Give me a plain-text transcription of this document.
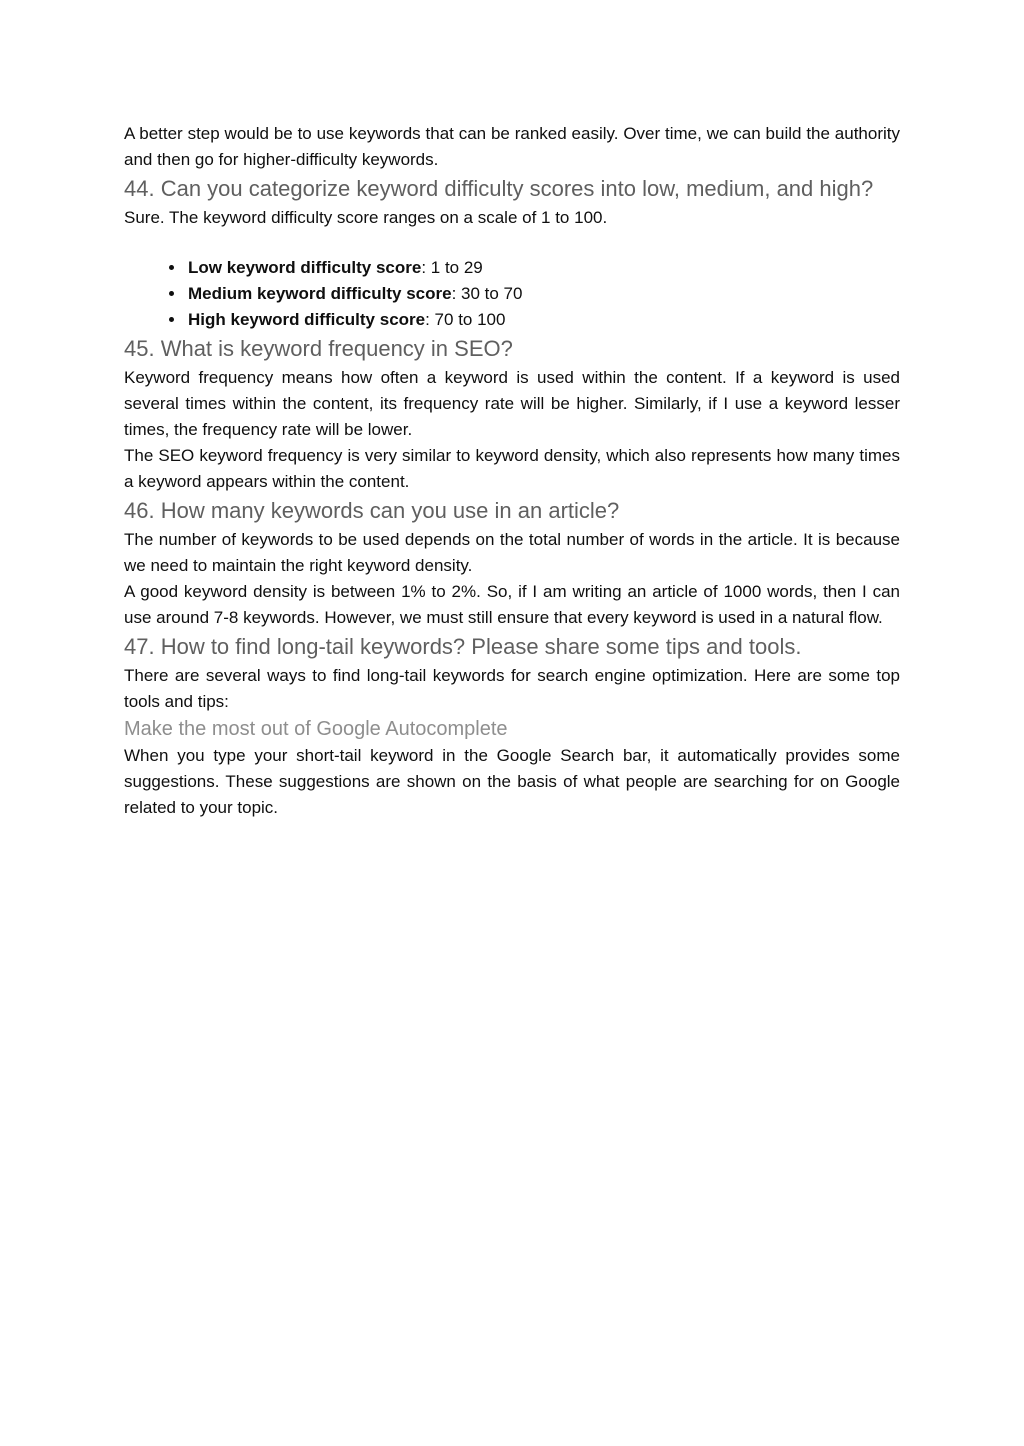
A better step would be to use keywords that can be ranked easily. Over time, we can build the authority and then go for higher-difficulty keywords.

44. Can you categorize keyword difficulty scores into low, medium, and high?

Sure. The keyword difficulty score ranges on a scale of 1 to 100.

• Low keyword difficulty score: 1 to 29
• Medium keyword difficulty score: 30 to 70
• High keyword difficulty score: 70 to 100
45. What is keyword frequency in SEO?

Keyword frequency means how often a keyword is used within the content. If a keyword is used several times within the content, its frequency rate will be higher. Similarly, if I use a keyword lesser times, the frequency rate will be lower.

The SEO keyword frequency is very similar to keyword density, which also represents how many times a keyword appears within the content.

46. How many keywords can you use in an article?

The number of keywords to be used depends on the total number of words in the article. It is because we need to maintain the right keyword density.

A good keyword density is between 1% to 2%. So, if I am writing an article of 1000 words, then I can use around 7-8 keywords. However, we must still ensure that every keyword is used in a natural flow.

47. How to find long-tail keywords? Please share some tips and tools.

There are several ways to find long-tail keywords for search engine optimization. Here are some top tools and tips:

Make the most out of Google Autocomplete

When you type your short-tail keyword in the Google Search bar, it automatically provides some suggestions. These suggestions are shown on the basis of what people are searching for on Google related to your topic.
